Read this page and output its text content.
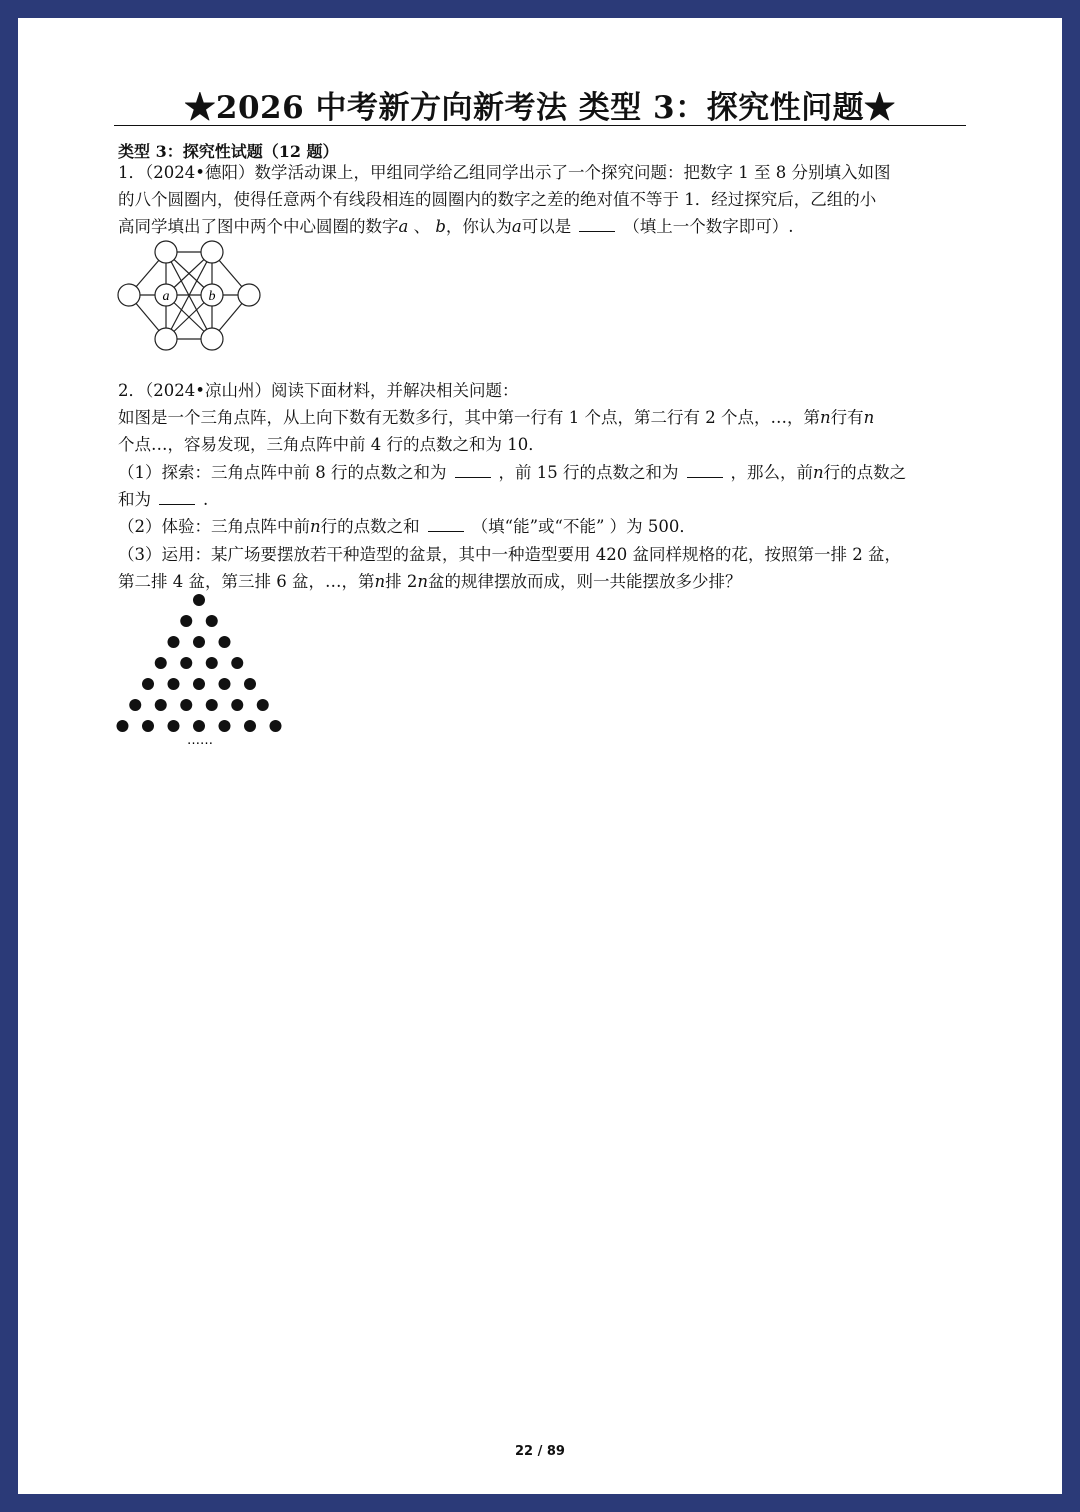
★2026 中考新方向新考法 类型 3：探究性问题★
类型 3：探究性试题（12 题）
1．（2024•德阳）数学活动课上，甲组同学给乙组同学出示了一个探究问题：把数字 1 至 8 分别填入如图
的八个圆圈内，使得任意两个有线段相连的圆圈内的数字之差的绝对值不等于 1．经过探究后，乙组的小
高同学填出了图中两个中心圆圈的数字a 、 b，你认为a可以是	（填上一个数字即可）.
a	b
2．（2024•凉山州）阅读下面材料，并解决相关问题：
如图是一个三角点阵，从上向下数有无数多行，其中第一行有 1 个点，第二行有 2 个点，…，第n行有n
个点…，容易发现，三角点阵中前 4 行的点数之和为 10．
（1）探索：三角点阵中前 8 行的点数之和为	，前 15 行的点数之和为	，那么，前n行的点数之
和为	.
（2）体验：三角点阵中前n行的点数之和	（填“能”或“不能” ）为 500．
（3）运用：某广场要摆放若干种造型的盆景，其中一种造型要用 420 盆同样规格的花，按照第一排 2 盆，
第二排 4 盆，第三排 6 盆，…，第n排 2n盆的规律摆放而成，则一共能摆放多少排？
……
22 / 89
